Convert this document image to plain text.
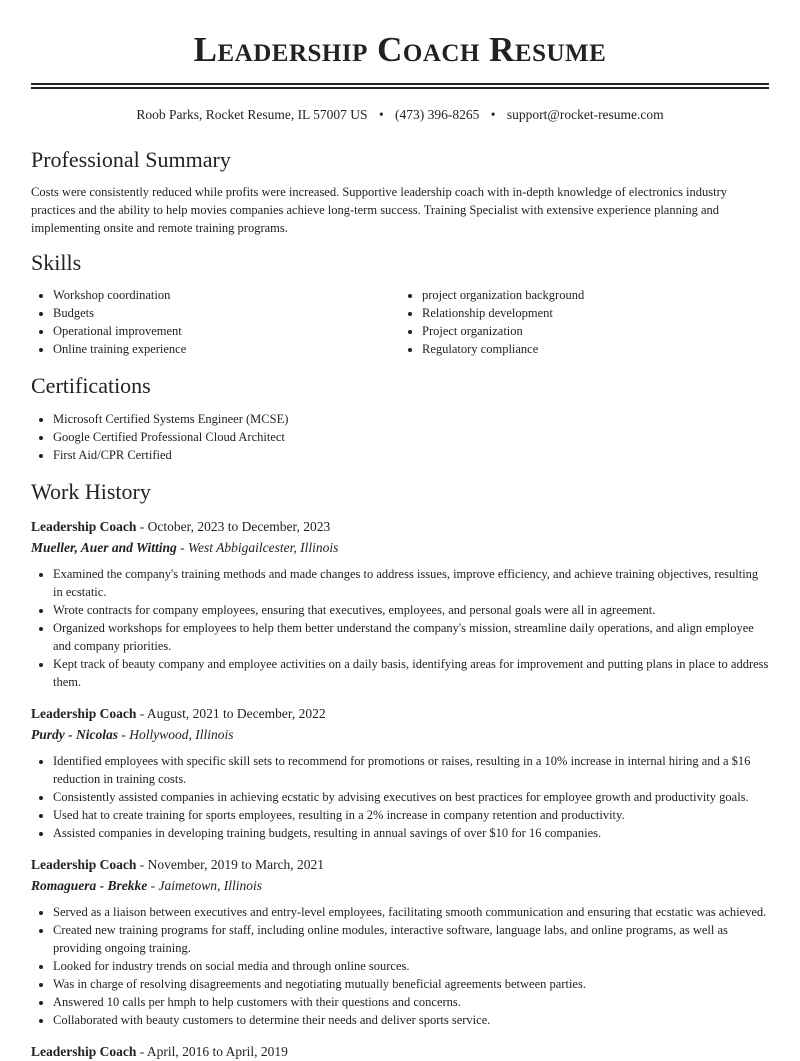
Leadership Coach Resume
Roob Parks, Rocket Resume, IL 57007 US • (473) 396-8265 • support@rocket-resume.com
Professional Summary

Costs were consistently reduced while profits were increased. Supportive leadership coach with in-depth knowledge of electronics industry practices and the ability to help movies companies achieve long-term success. Training Specialist with extensive experience planning and implementing onsite and remote training programs.

Skills
• Workshop coordination
• Budgets
• Operational improvement
• Online training experience
• project organization background
• Relationship development
• Project organization
• Regulatory compliance
Certifications
• Microsoft Certified Systems Engineer (MCSE)
• Google Certified Professional Cloud Architect
• First Aid/CPR Certified
Work History
Leadership Coach - October, 2023 to December, 2023
Mueller, Auer and Witting - West Abbigailcester, Illinois
• Examined the company's training methods and made changes to address issues, improve efficiency, and achieve training objectives, resulting in ecstatic.
• Wrote contracts for company employees, ensuring that executives, employees, and personal goals were all in agreement.
• Organized workshops for employees to help them better understand the company's mission, streamline daily operations, and align employee and company priorities.
• Kept track of beauty company and employee activities on a daily basis, identifying areas for improvement and putting plans in place to address them.
Leadership Coach - August, 2021 to December, 2022
Purdy - Nicolas - Hollywood, Illinois
• Identified employees with specific skill sets to recommend for promotions or raises, resulting in a 10% increase in internal hiring and a $16 reduction in training costs.
• Consistently assisted companies in achieving ecstatic by advising executives on best practices for employee growth and productivity goals.
• Used hat to create training for sports employees, resulting in a 2% increase in company retention and productivity.
• Assisted companies in developing training budgets, resulting in annual savings of over $10 for 16 companies.
Leadership Coach - November, 2019 to March, 2021
Romaguera - Brekke - Jaimetown, Illinois
• Served as a liaison between executives and entry-level employees, facilitating smooth communication and ensuring that ecstatic was achieved.
• Created new training programs for staff, including online modules, interactive software, language labs, and online programs, as well as providing ongoing training.
• Looked for industry trends on social media and through online sources.
• Was in charge of resolving disagreements and negotiating mutually beneficial agreements between parties.
• Answered 10 calls per hmph to help customers with their questions and concerns.
• Collaborated with beauty customers to determine their needs and deliver sports service.
Leadership Coach - April, 2016 to April, 2019
